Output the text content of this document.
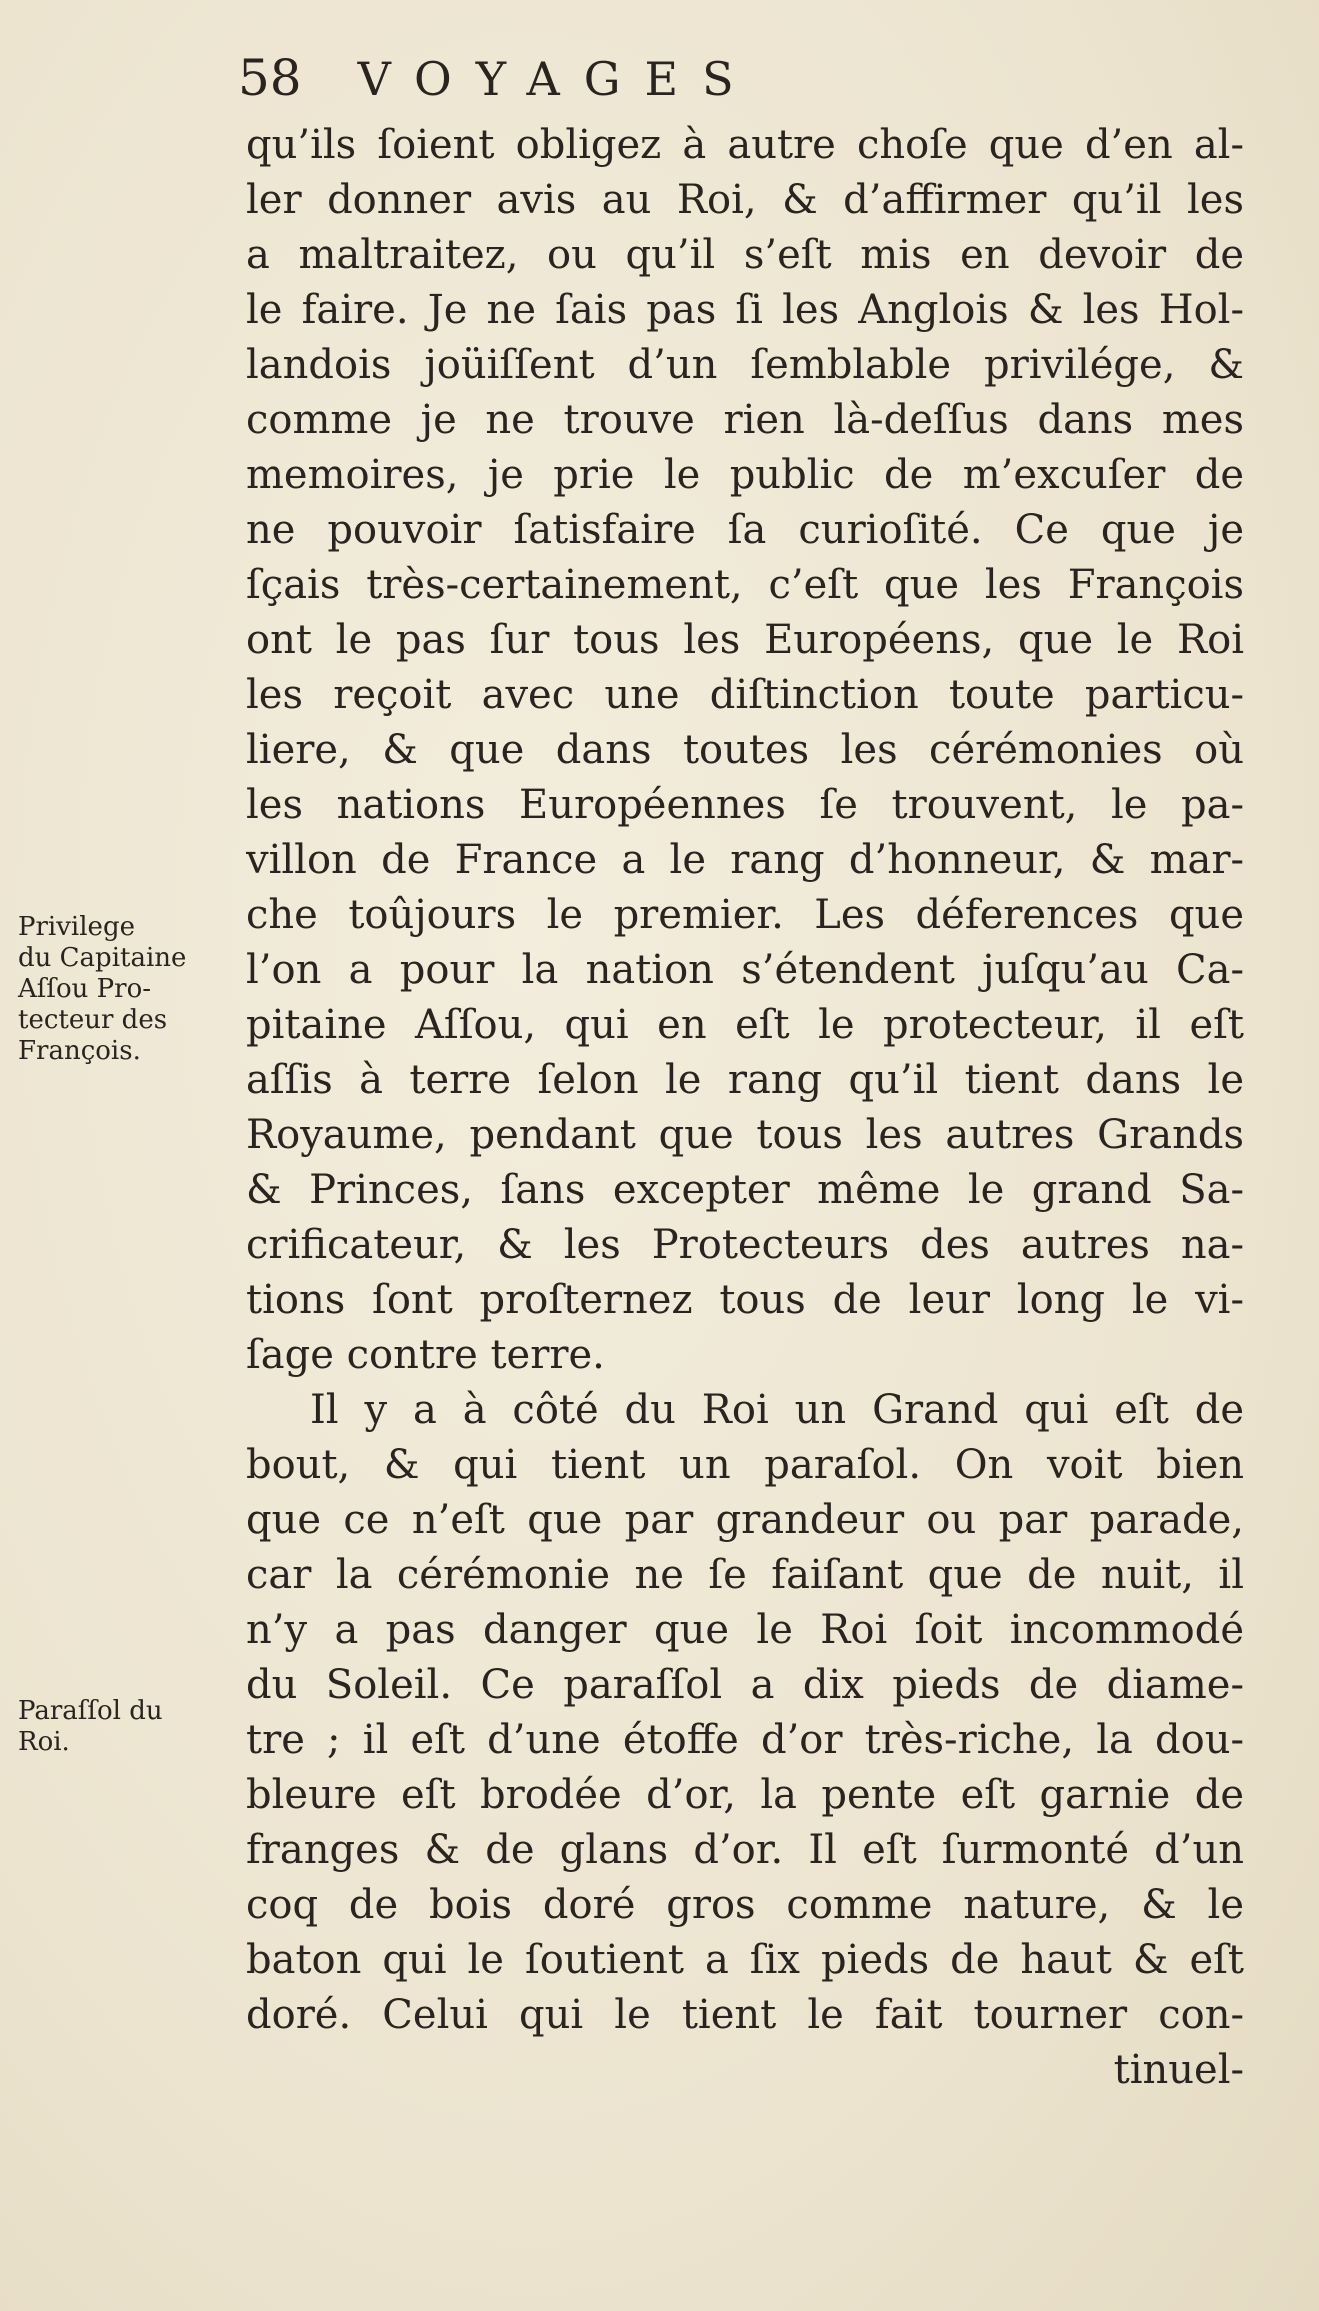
58 VOYAGES
qu’ils ſoient obligez à autre choſe que d’en al-
ler donner avis au Roi, & d’affirmer qu’il les
a maltraitez, ou qu’il s’eſt mis en devoir de
le faire. Je ne ſais pas ſi les Anglois & les Hol-
landois joüiſſent d’un ſemblable privilége, &
comme je ne trouve rien là-deſſus dans mes
memoires, je prie le public de m’excuſer de
ne pouvoir ſatisfaire ſa curioſité. Ce que je
ſçais très-certainement, c’eſt que les François
ont le pas ſur tous les Européens, que le Roi
les reçoit avec une diſtinction toute particu-
liere, & que dans toutes les cérémonies où
les nations Européennes ſe trouvent, le pa-
villon de France a le rang d’honneur, & mar-
che toûjours le premier. Les déferences que
l’on a pour la nation s’étendent juſqu’au Ca-
pitaine Aſſou, qui en eſt le protecteur, il eſt
aſſis à terre ſelon le rang qu’il tient dans le
Royaume, pendant que tous les autres Grands
& Princes, ſans excepter même le grand Sa-
crificateur, & les Protecteurs des autres na-
tions ſont proſternez tous de leur long le vi-
ſage contre terre.
Il y a à côté du Roi un Grand qui eſt de
bout, & qui tient un paraſol. On voit bien
que ce n’eſt que par grandeur ou par parade,
car la cérémonie ne ſe faiſant que de nuit, il
n’y a pas danger que le Roi ſoit incommodé
du Soleil. Ce paraſſol a dix pieds de diame-
tre ; il eſt d’une étoffe d’or très-riche, la dou-
bleure eſt brodée d’or, la pente eſt garnie de
franges & de glans d’or. Il eſt ſurmonté d’un
coq de bois doré gros comme nature, & le
baton qui le ſoutient a ſix pieds de haut & eſt
doré. Celui qui le tient le fait tourner con-
tinuel-
Privilege
du Capitaine
Aſſou Pro-
tecteur des
François.
Paraſſol du
Roi.
